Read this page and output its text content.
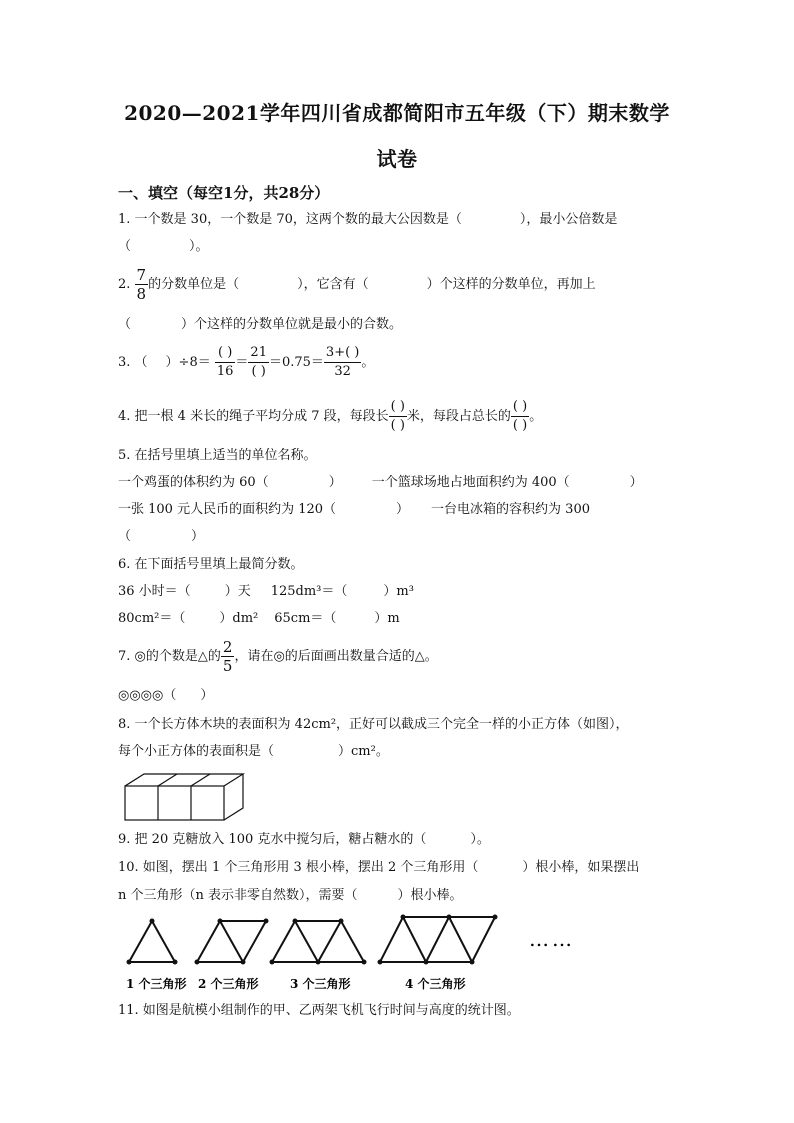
2020—2021学年四川省成都简阳市五年级（下）期末数学
试卷
一、填空（每空1分，共28分）
1. 一个数是 30，一个数是 70，这两个数的最大公因数是（	），最小公倍数是
（	）。
2. $\frac{7}{8}$ 的分数单位是（	），它含有（	）个这样的分数单位，再加上
（	）个这样的分数单位就是最小的合数。
3. （ ）$\div 8= \frac{( )}{16} = \frac{21}{( )} =0.75= \frac{3+( )}{32}$ 。
4. 把一根 4 米长的绳子平均分成 7 段，每段长 $\frac{( )}{( )}$ 米，每段占总长的 $\frac{( )}{( )}$ 。
5. 在括号里填上适当的单位名称。
一个鸡蛋的体积约为 60（	） 一个篮球场地占地面积约为 400（	）
一张 100 元人民币的面积约为 120（	） 一台电冰箱的容积约为 300
（	）
6. 在下面括号里填上最简分数。
36 小时＝（	）天 125dm³＝（	）m³
80cm²＝（	）dm² 65cm＝（	）m
7. ◎的个数是△的 $\frac{2}{5}$ ，请在◎的后面画出数量合适的△。
◎◎◎◎（ ）
8. 一个长方体木块的表面积为 42cm²，正好可以截成三个完全一样的小正方体（如图），
每个小正方体的表面积是（	）cm²。
9. 把 20 克糖放入 100 克水中搅匀后，糖占糖水的（	）。
10. 如图，摆出 1 个三角形用 3 根小棒，摆出 2 个三角形用（	）根小棒，如果摆出
n 个三角形（n 表示非零自然数），需要（	）根小棒。
……
1 个三角形 2 个三角形	3 个三角形	4 个三角形
11. 如图是航模小组制作的甲、乙两架飞机飞行时间与高度的统计图。
